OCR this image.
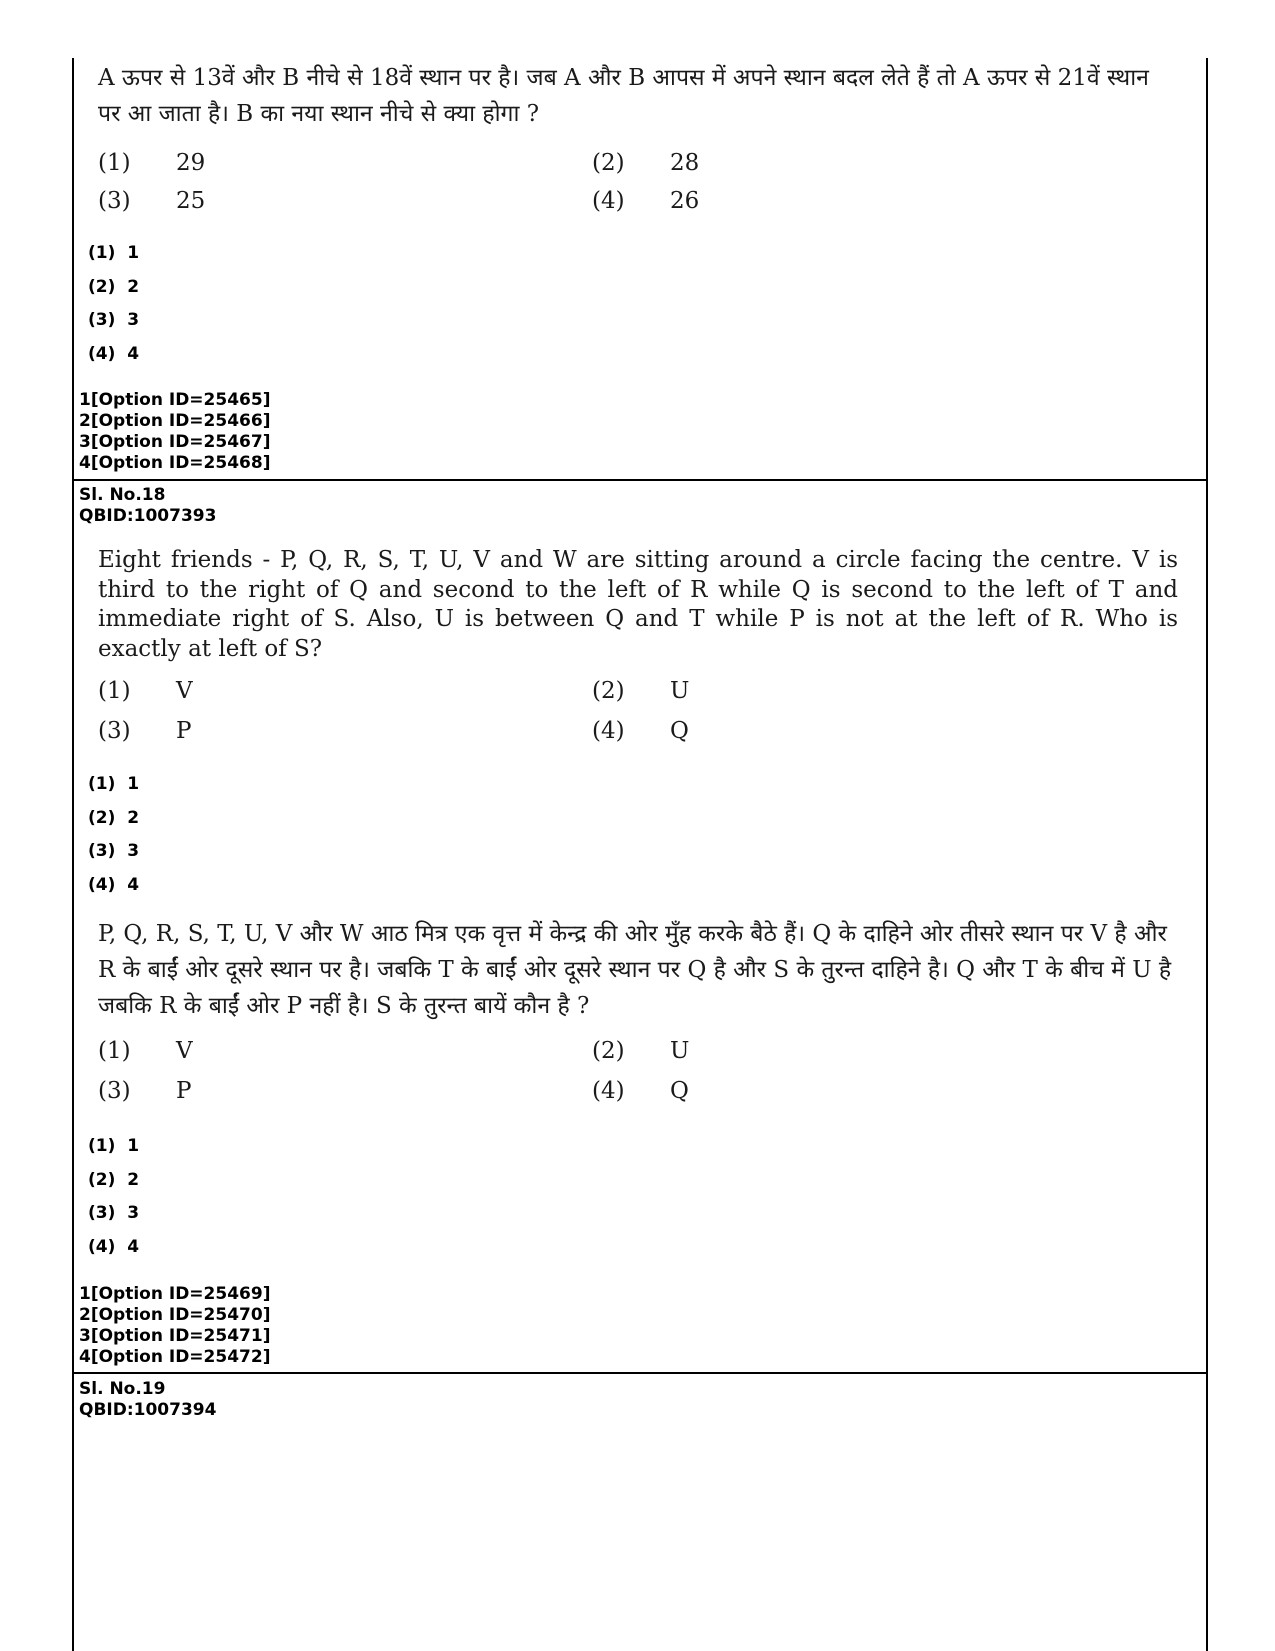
A ऊपर से 13वें और B नीचे से 18वें स्थान पर है। जब A और B आपस में अपने स्थान बदल लेते हैं तो A ऊपर से 21वें स्थान पर आ जाता है। B का नया स्थान नीचे से क्या होगा ?

(1) 29	(2) 28
(3) 25	(4) 26
(1)  1
(2)  2
(3)  3
(4)  4
1[Option ID=25465]
2[Option ID=25466]
3[Option ID=25467]
4[Option ID=25468]
Sl. No.18
QBID:1007393

Eight friends - P, Q, R, S, T, U, V and W are sitting around a circle facing the centre. V is third to the right of Q and second to the left of R while Q is second to the left of T and immediate right of S. Also, U is between Q and T while P is not at the left of R. Who is exactly at left of S?

(1) V	(2) U
(3) P	(4) Q
(1)  1
(2)  2
(3)  3
(4)  4

P, Q, R, S, T, U, V और W आठ मित्र एक वृत्त में केन्द्र की ओर मुँह करके बैठे हैं। Q के दाहिने ओर तीसरे स्थान पर V है और R के बाईं ओर दूसरे स्थान पर है। जबकि T के बाईं ओर दूसरे स्थान पर Q है और S के तुरन्त दाहिने है। Q और T के बीच में U है जबकि R के बाईं ओर P नहीं है। S के तुरन्त बायें कौन है ?

(1) V	(2) U
(3) P	(4) Q
(1)  1
(2)  2
(3)  3
(4)  4
1[Option ID=25469]
2[Option ID=25470]
3[Option ID=25471]
4[Option ID=25472]
Sl. No.19
QBID:1007394
